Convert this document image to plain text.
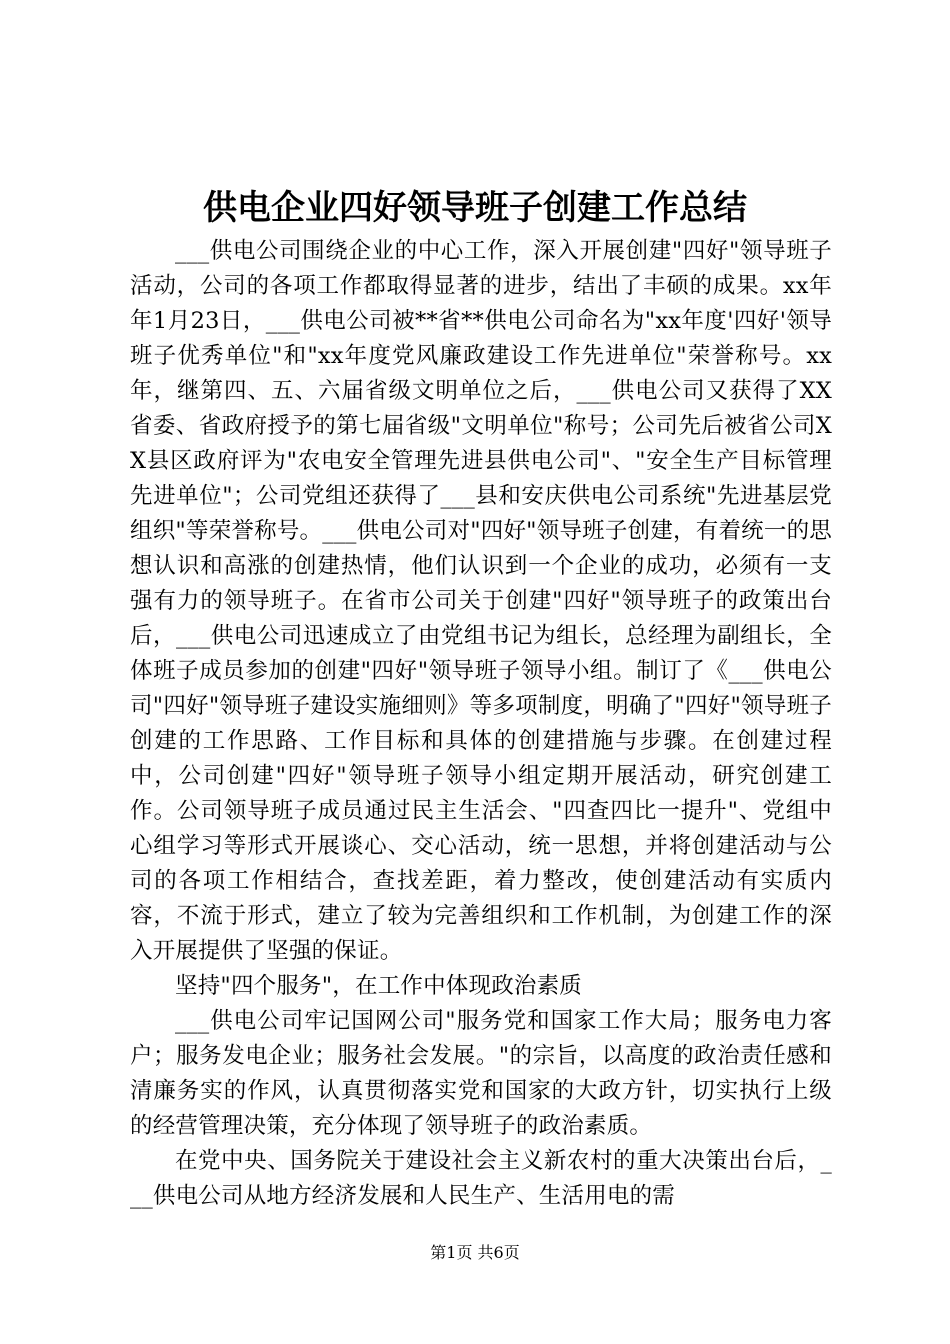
供电企业四好领导班子创建工作总结

___供电公司围绕企业的中心工作，深入开展创建"四好"领导班子活动，公司的各项工作都取得显著的进步，结出了丰硕的成果。xx年年1月23日，___供电公司被**省**供电公司命名为"xx年度'四好'领导班子优秀单位"和"xx年度党风廉政建设工作先进单位"荣誉称号。xx年，继第四、五、六届省级文明单位之后，___供电公司又获得了XX省委、省政府授予的第七届省级"文明单位"称号；公司先后被省公司XX县区政府评为"农电安全管理先进县供电公司"、"安全生产目标管理先进单位"；公司党组还获得了___县和安庆供电公司系统"先进基层党组织"等荣誉称号。___供电公司对"四好"领导班子创建，有着统一的思想认识和高涨的创建热情，他们认识到一个企业的成功，必须有一支强有力的领导班子。在省市公司关于创建"四好"领导班子的政策出台后，___供电公司迅速成立了由党组书记为组长，总经理为副组长，全体班子成员参加的创建"四好"领导班子领导小组。制订了《___供电公司"四好"领导班子建设实施细则》等多项制度，明确了"四好"领导班子创建的工作思路、工作目标和具体的创建措施与步骤。在创建过程中，公司创建"四好"领导班子领导小组定期开展活动，研究创建工作。公司领导班子成员通过民主生活会、"四查四比一提升"、党组中心组学习等形式开展谈心、交心活动，统一思想，并将创建活动与公司的各项工作相结合，查找差距，着力整改，使创建活动有实质内容，不流于形式，建立了较为完善组织和工作机制，为创建工作的深入开展提供了坚强的保证。

坚持"四个服务"，在工作中体现政治素质

___供电公司牢记国网公司"服务党和国家工作大局；服务电力客户；服务发电企业；服务社会发展。"的宗旨，以高度的政治责任感和清廉务实的作风，认真贯彻落实党和国家的大政方针，切实执行上级的经营管理决策，充分体现了领导班子的政治素质。

在党中央、国务院关于建设社会主义新农村的重大决策出台后，___供电公司从地方经济发展和人民生产、生活用电的需

第1页 共6页
